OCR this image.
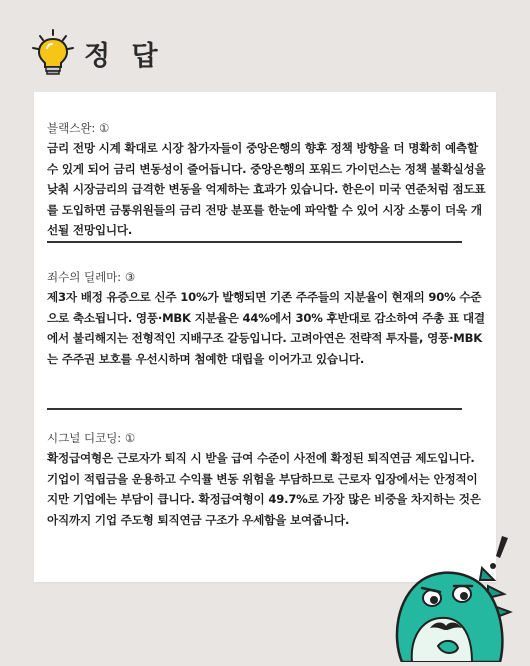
정 답

블랙스완: ①

금리 전망 시계 확대로 시장 참가자들이 중앙은행의 향후 정책 방향을 더 명확히 예측할 수 있게 되어 금리 변동성이 줄어듭니다. 중앙은행의 포워드 가이던스는 정책 불확실성을 낮춰 시장금리의 급격한 변동을 억제하는 효과가 있습니다. 한은이 미국 연준처럼 점도표를 도입하면 금통위원들의 금리 전망 분포를 한눈에 파악할 수 있어 시장 소통이 더욱 개선될 전망입니다.

죄수의 딜레마: ③

제3자 배정 유증으로 신주 10%가 발행되면 기존 주주들의 지분율이 현재의 90% 수준으로 축소됩니다. 영풍·MBK 지분율은 44%에서 30% 후반대로 감소하여 주총 표 대결에서 불리해지는 전형적인 지배구조 갈등입니다. 고려아연은 전략적 투자를, 영풍·MBK는 주주권 보호를 우선시하며 첨예한 대립을 이어가고 있습니다.

시그널 디코딩: ①

확정급여형은 근로자가 퇴직 시 받을 급여 수준이 사전에 확정된 퇴직연금 제도입니다. 기업이 적립금을 운용하고 수익률 변동 위험을 부담하므로 근로자 입장에서는 안정적이지만 기업에는 부담이 큽니다. 확정급여형이 49.7%로 가장 많은 비중을 차지하는 것은 아직까지 기업 주도형 퇴직연금 구조가 우세함을 보여줍니다.
